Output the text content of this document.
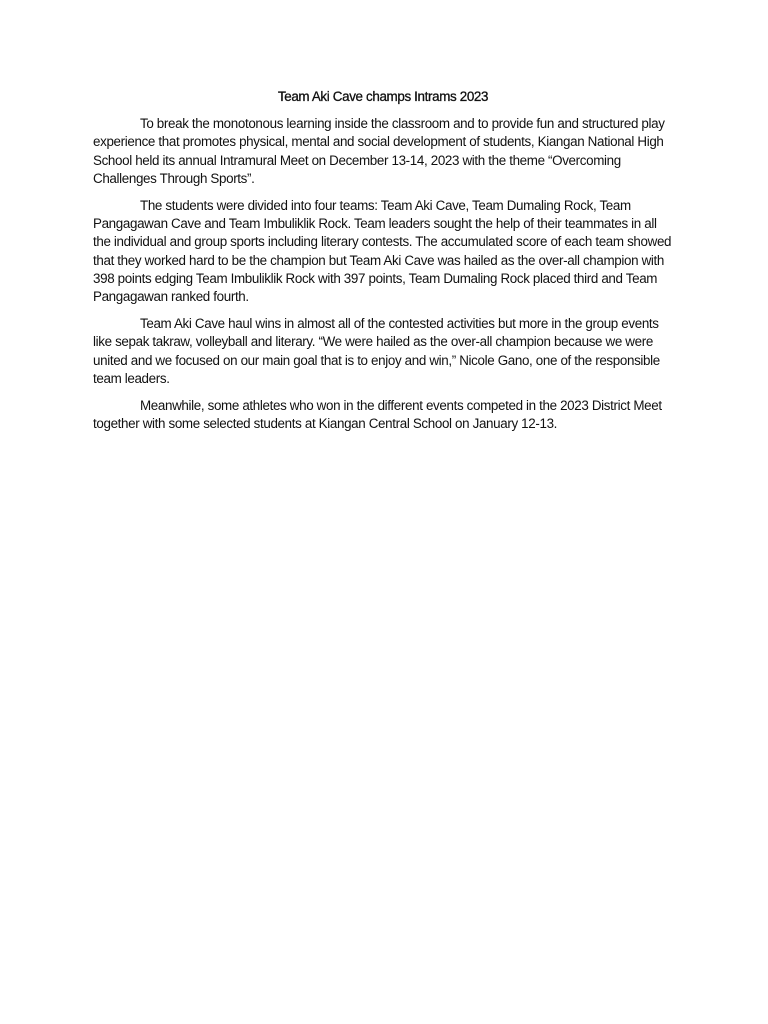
Team Aki Cave champs Intrams 2023

To break the monotonous learning inside the classroom and to provide fun and structured play experience that promotes physical, mental and social development of students, Kiangan National High School held its annual Intramural Meet on December 13-14, 2023 with the theme “Overcoming Challenges Through Sports”.

The students were divided into four teams: Team Aki Cave, Team Dumaling Rock, Team Pangagawan Cave and Team Imbuliklik Rock. Team leaders sought the help of their teammates in all the individual and group sports including literary contests. The accumulated score of each team showed that they worked hard to be the champion but Team Aki Cave was hailed as the over-all champion with 398 points edging Team Imbuliklik Rock with 397 points, Team Dumaling Rock placed third and Team Pangagawan ranked fourth.

Team Aki Cave haul wins in almost all of the contested activities but more in the group events like sepak takraw, volleyball and literary. “We were hailed as the over-all champion because we were united and we focused on our main goal that is to enjoy and win,” Nicole Gano, one of the responsible team leaders.

Meanwhile, some athletes who won in the different events competed in the 2023 District Meet together with some selected students at Kiangan Central School on January 12-13.
